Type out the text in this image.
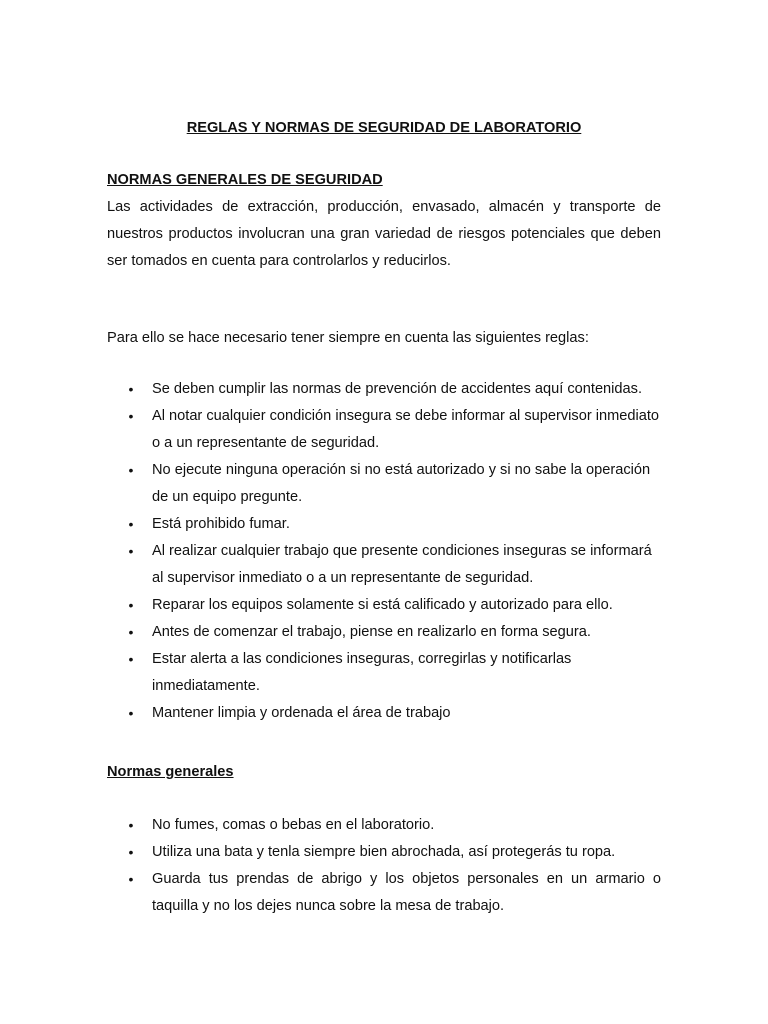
REGLAS Y NORMAS DE SEGURIDAD DE LABORATORIO
NORMAS GENERALES DE SEGURIDAD

Las actividades de extracción, producción, envasado, almacén y transporte de nuestros productos involucran una gran variedad de riesgos potenciales que deben ser tomados en cuenta para controlarlos y reducirlos.

Para ello se hace necesario tener siempre en cuenta las siguientes reglas:

• Se deben cumplir las normas de prevención de accidentes aquí contenidas.
• Al notar cualquier condición insegura se debe informar al supervisor inmediato o a un representante de seguridad.
• No ejecute ninguna operación si no está autorizado y si no sabe la operación de un equipo pregunte.
• Está prohibido fumar.
• Al realizar cualquier trabajo que presente condiciones inseguras se informará al supervisor inmediato o a un representante de seguridad.
• Reparar los equipos solamente si está calificado y autorizado para ello.
• Antes de comenzar el trabajo, piense en realizarlo en forma segura.
• Estar alerta a las condiciones inseguras, corregirlas y notificarlas inmediatamente.
• Mantener limpia y ordenada el área de trabajo
Normas generales
• No fumes, comas o bebas en el laboratorio.
• Utiliza una bata y tenla siempre bien abrochada, así protegerás tu ropa.
• Guarda tus prendas de abrigo y los objetos personales en un armario o taquilla y no los dejes nunca sobre la mesa de trabajo.
